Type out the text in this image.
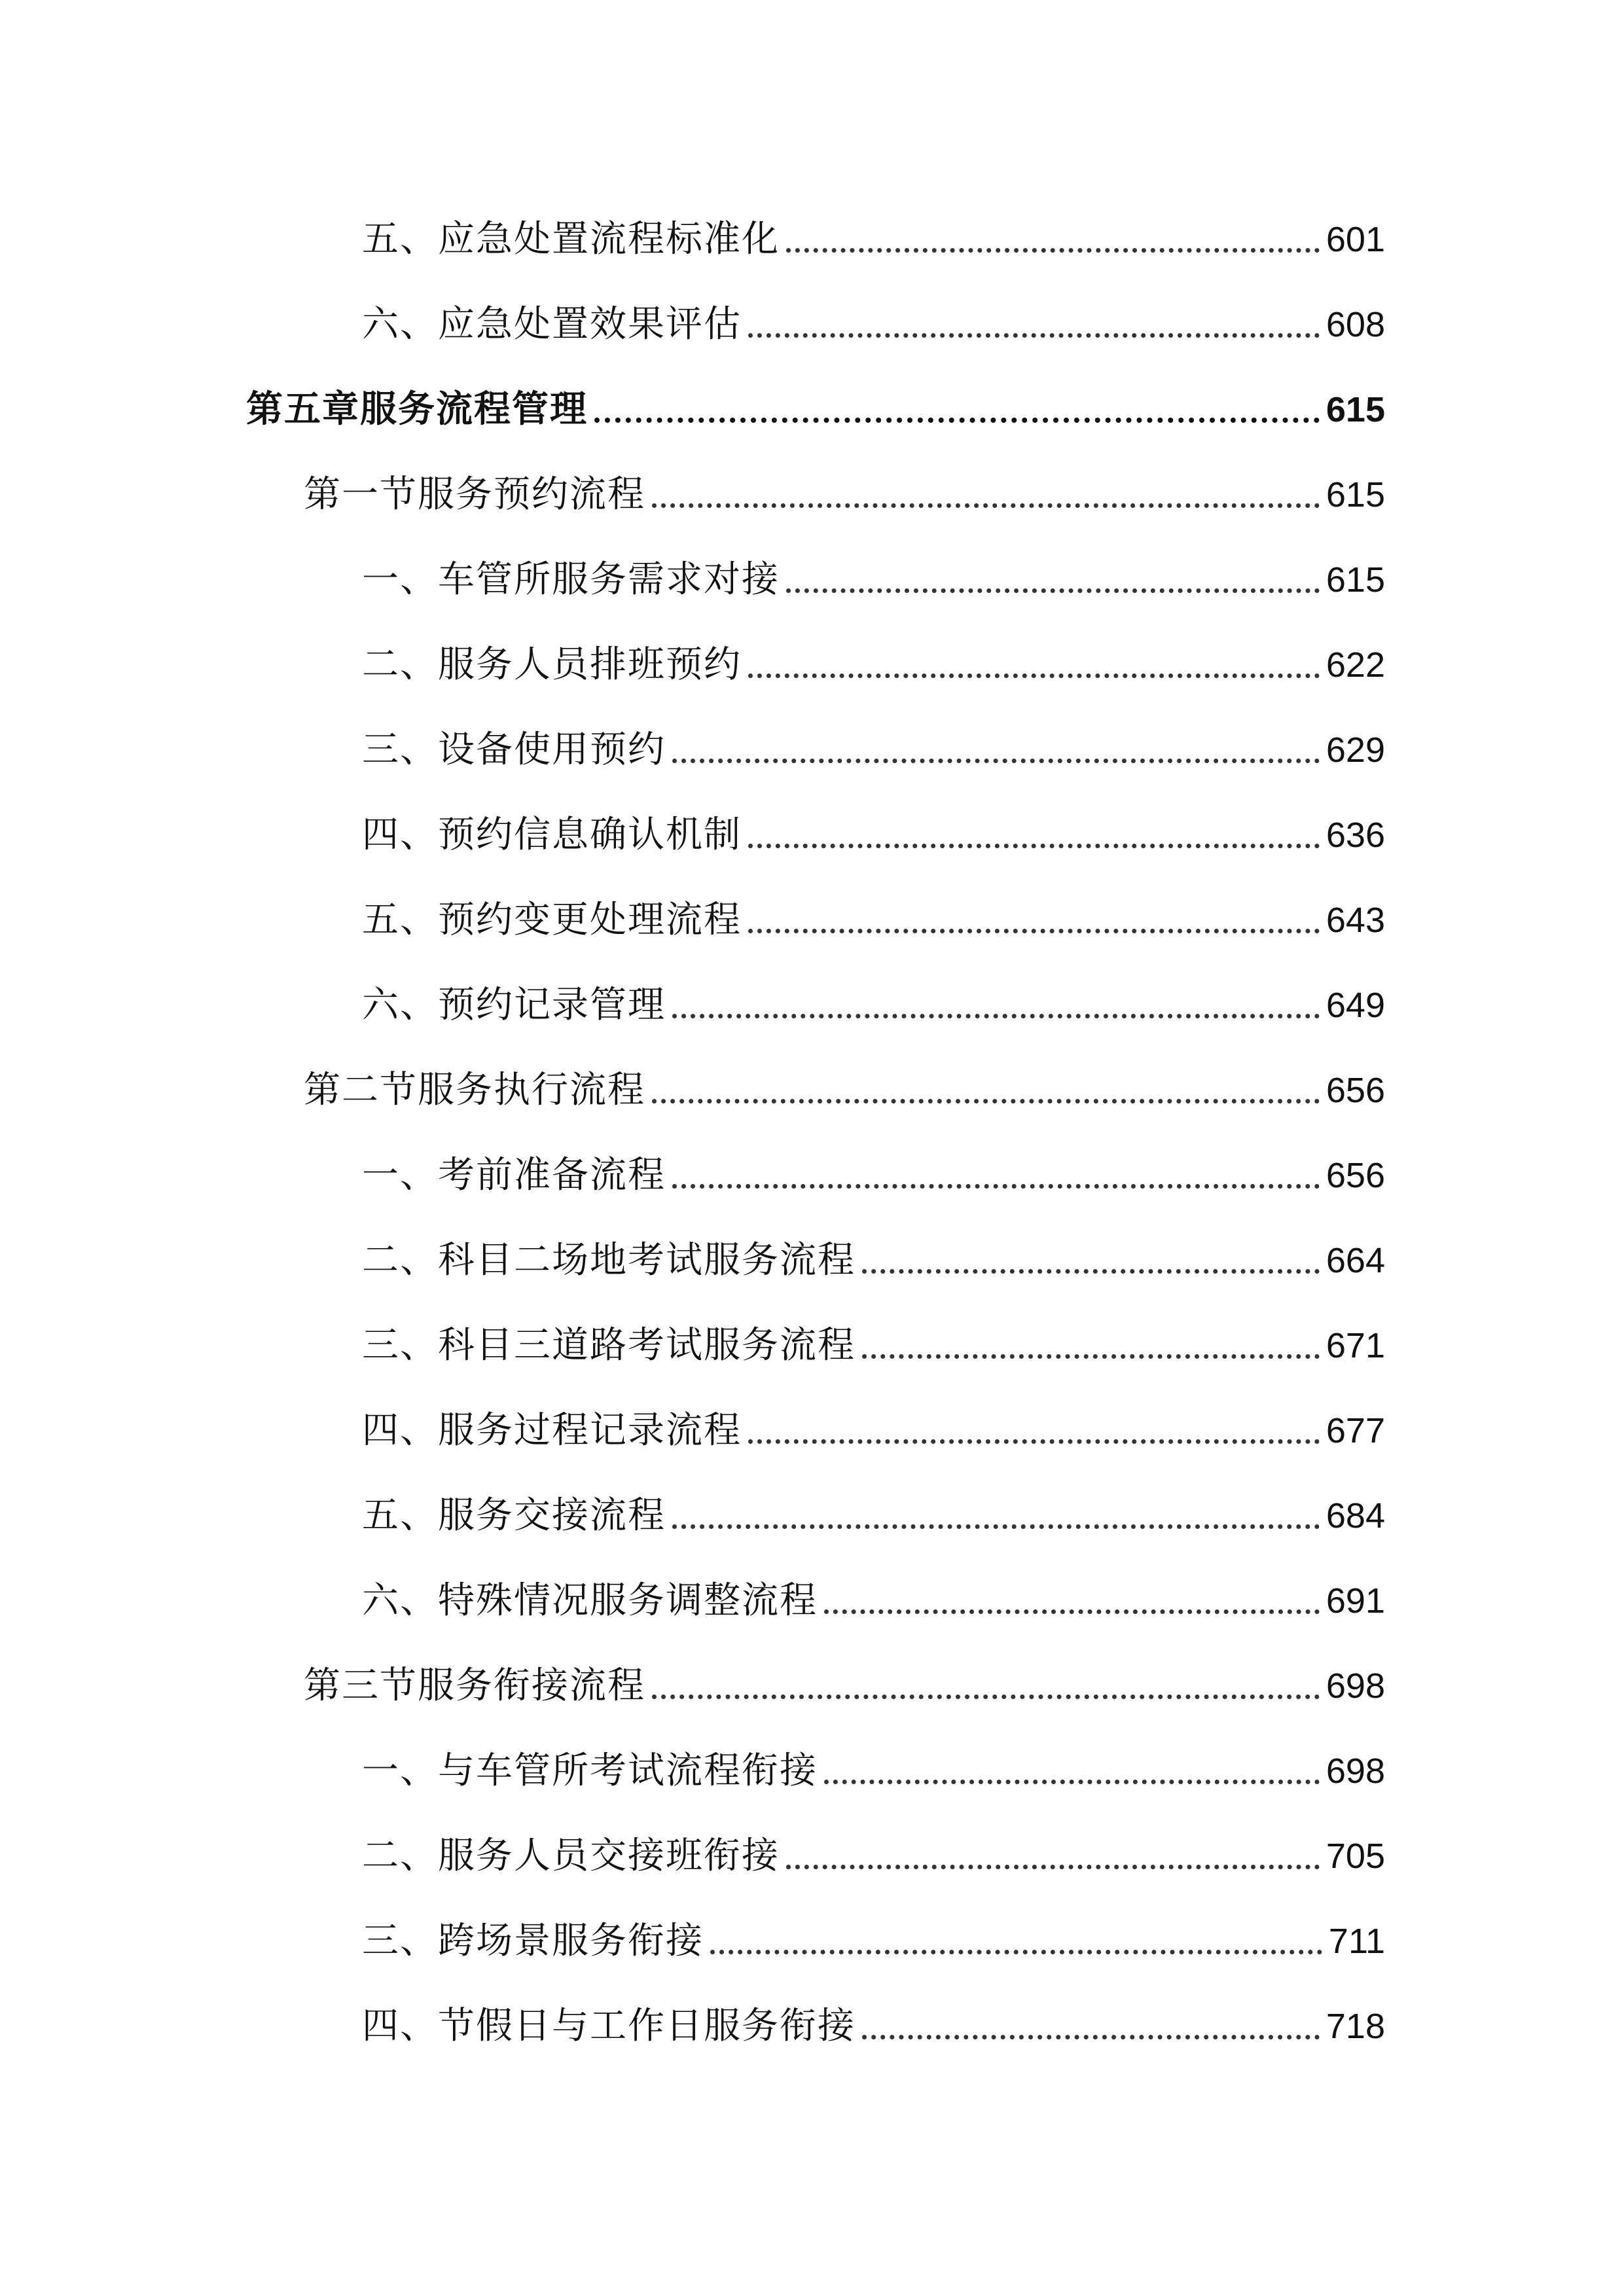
五、应急处置流程标准化	601
六、应急处置效果评估	608
第五章服务流程管理	615
第一节服务预约流程	615
一、车管所服务需求对接	615
二、服务人员排班预约	622
三、设备使用预约	629
四、预约信息确认机制	636
五、预约变更处理流程	643
六、预约记录管理	649
第二节服务执行流程	656
一、考前准备流程	656
二、科目二场地考试服务流程	664
三、科目三道路考试服务流程	671
四、服务过程记录流程	677
五、服务交接流程	684
六、特殊情况服务调整流程	691
第三节服务衔接流程	698
一、与车管所考试流程衔接	698
二、服务人员交接班衔接	705
三、跨场景服务衔接	711
四、节假日与工作日服务衔接	718
